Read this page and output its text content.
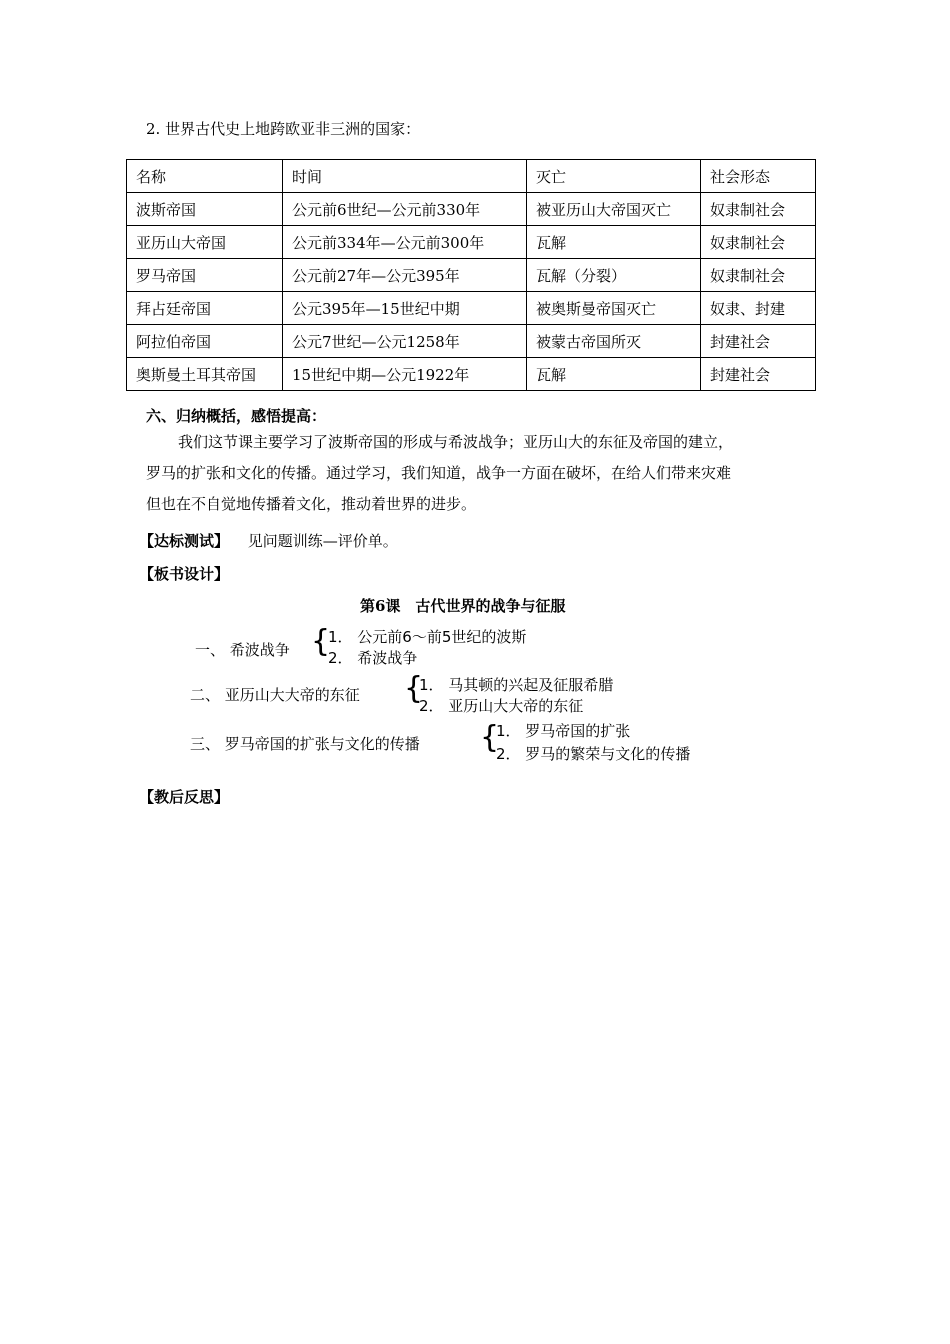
2. 世界古代史上地跨欧亚非三洲的国家：
名称	时间	灭亡	社会形态
波斯帝国	公元前6世纪—公元前330年	被亚历山大帝国灭亡	奴隶制社会
亚历山大帝国	公元前334年—公元前300年	瓦解	奴隶制社会
罗马帝国	公元前27年—公元395年	瓦解（分裂）	奴隶制社会
拜占廷帝国	公元395年—15世纪中期	被奥斯曼帝国灭亡	奴隶、封建
阿拉伯帝国	公元7世纪—公元1258年	被蒙古帝国所灭	封建社会
奥斯曼土耳其帝国	15世纪中期—公元1922年	瓦解	封建社会
六、归纳概括，感悟提高：
我们这节课主要学习了波斯帝国的形成与希波战争；亚历山大的东征及帝国的建立，
罗马的扩张和文化的传播。通过学习，我们知道，战争一方面在破坏，在给人们带来灾难
但也在不自觉地传播着文化，推动着世界的进步。
【达标测试】 见问题训练—评价单。
【板书设计】
第6课　古代世界的战争与征服
一、 希波战争 {
1． 公元前6～前5世纪的波斯
2． 希波战争
二、 亚历山大大帝的东征 {
1． 马其顿的兴起及征服希腊
2． 亚历山大大帝的东征
三、 罗马帝国的扩张与文化的传播 {
1． 罗马帝国的扩张
2． 罗马的繁荣与文化的传播
【教后反思】
